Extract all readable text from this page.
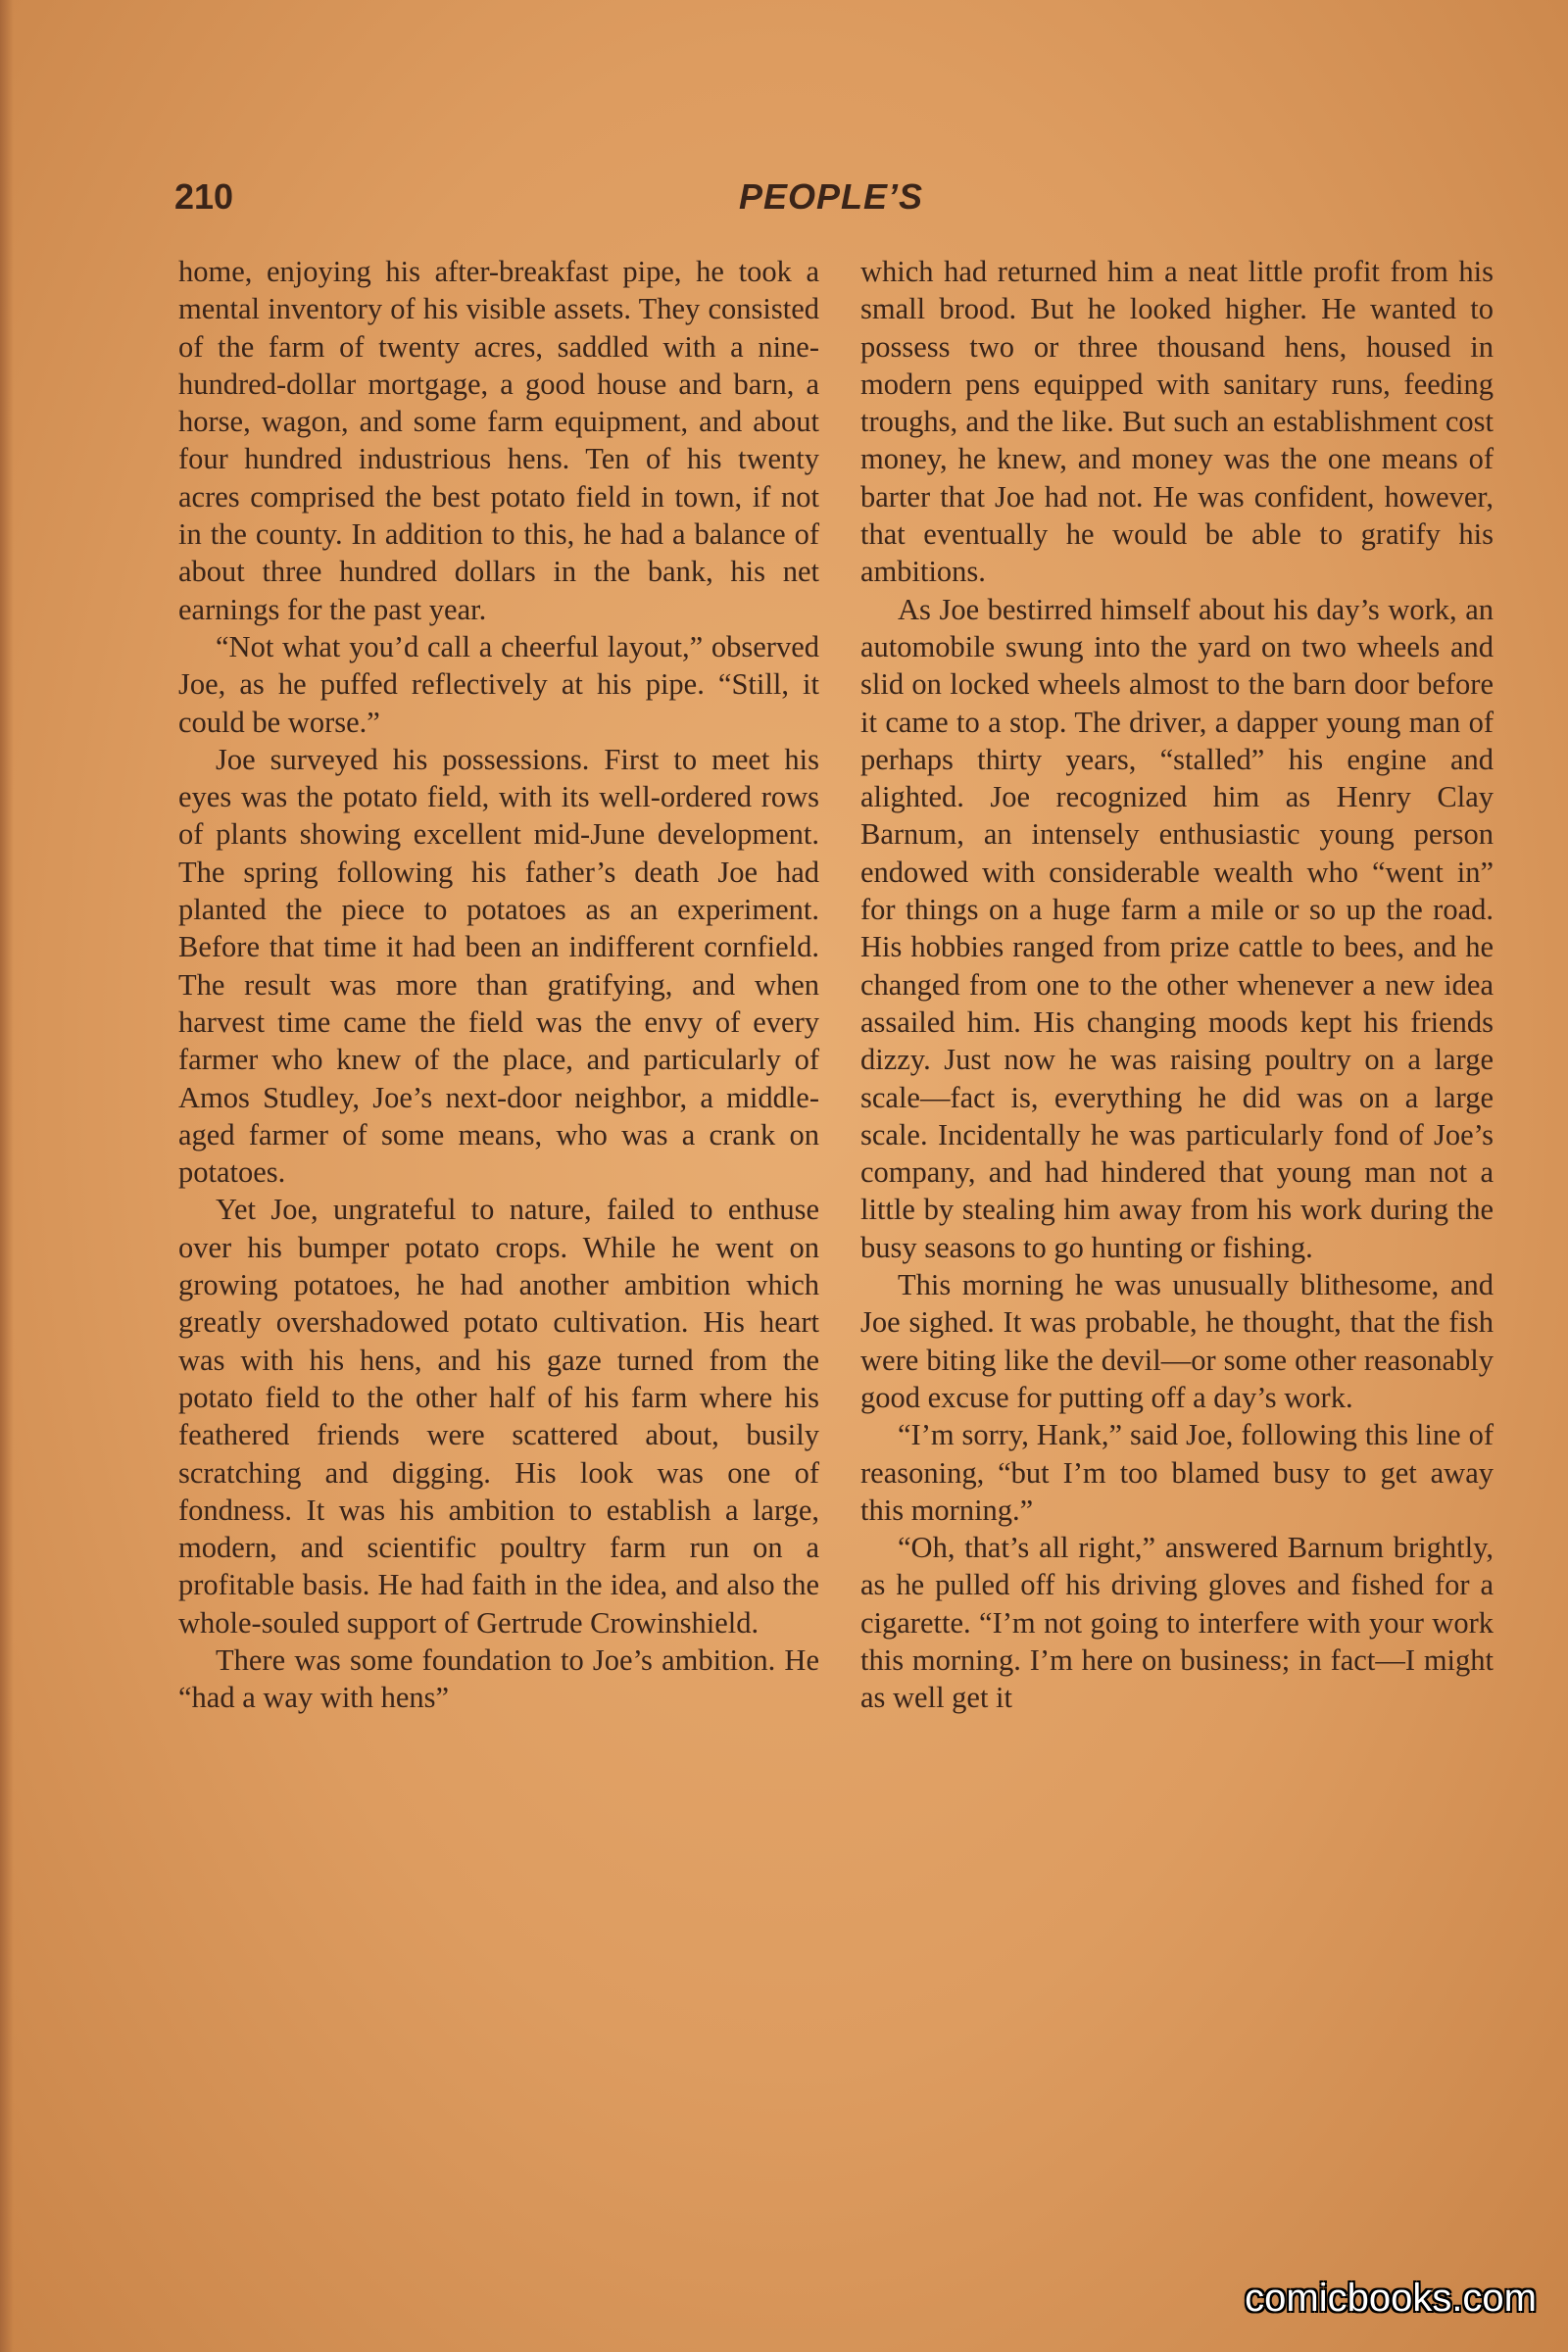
210	PEOPLE’S

home, enjoying his after-breakfast pipe, he took a mental inventory of his visible assets. They consisted of the farm of twenty acres, saddled with a nine-hundred-dollar mortgage, a good house and barn, a horse, wagon, and some farm equipment, and about four hundred industrious hens. Ten of his twenty acres comprised the best potato field in town, if not in the county. In addition to this, he had a balance of about three hundred dollars in the bank, his net earnings for the past year.

“Not what you’d call a cheerful layout,” observed Joe, as he puffed reflectively at his pipe. “Still, it could be worse.”

Joe surveyed his possessions. First to meet his eyes was the potato field, with its well-ordered rows of plants showing excellent mid-June development. The spring following his father’s death Joe had planted the piece to potatoes as an experiment. Before that time it had been an indifferent cornfield. The result was more than gratifying, and when harvest time came the field was the envy of every farmer who knew of the place, and particularly of Amos Studley, Joe’s next-door neighbor, a middle-aged farmer of some means, who was a crank on potatoes.

Yet Joe, ungrateful to nature, failed to enthuse over his bumper potato crops. While he went on growing potatoes, he had another ambition which greatly overshadowed potato cultivation. His heart was with his hens, and his gaze turned from the potato field to the other half of his farm where his feathered friends were scattered about, busily scratching and digging. His look was one of fondness. It was his ambition to establish a large, modern, and scientific poultry farm run on a profitable basis. He had faith in the idea, and also the whole-souled support of Gertrude Crowinshield.

There was some foundation to Joe’s ambition. He “had a way with hens”

which had returned him a neat little profit from his small brood. But he looked higher. He wanted to possess two or three thousand hens, housed in modern pens equipped with sanitary runs, feeding troughs, and the like. But such an establishment cost money, he knew, and money was the one means of barter that Joe had not. He was confident, however, that eventually he would be able to gratify his ambitions.

As Joe bestirred himself about his day’s work, an automobile swung into the yard on two wheels and slid on locked wheels almost to the barn door before it came to a stop. The driver, a dapper young man of perhaps thirty years, “stalled” his engine and alighted. Joe recognized him as Henry Clay Barnum, an intensely enthusiastic young person endowed with considerable wealth who “went in” for things on a huge farm a mile or so up the road. His hobbies ranged from prize cattle to bees, and he changed from one to the other whenever a new idea assailed him. His changing moods kept his friends dizzy. Just now he was raising poultry on a large scale—fact is, everything he did was on a large scale. Incidentally he was particularly fond of Joe’s company, and had hindered that young man not a little by stealing him away from his work during the busy seasons to go hunting or fishing.

This morning he was unusually blithesome, and Joe sighed. It was probable, he thought, that the fish were biting like the devil—or some other reasonably good excuse for putting off a day’s work.

“I’m sorry, Hank,” said Joe, following this line of reasoning, “but I’m too blamed busy to get away this morning.”

“Oh, that’s all right,” answered Barnum brightly, as he pulled off his driving gloves and fished for a cigarette. “I’m not going to interfere with your work this morning. I’m here on business; in fact—I might as well get it

comicbooks.com
